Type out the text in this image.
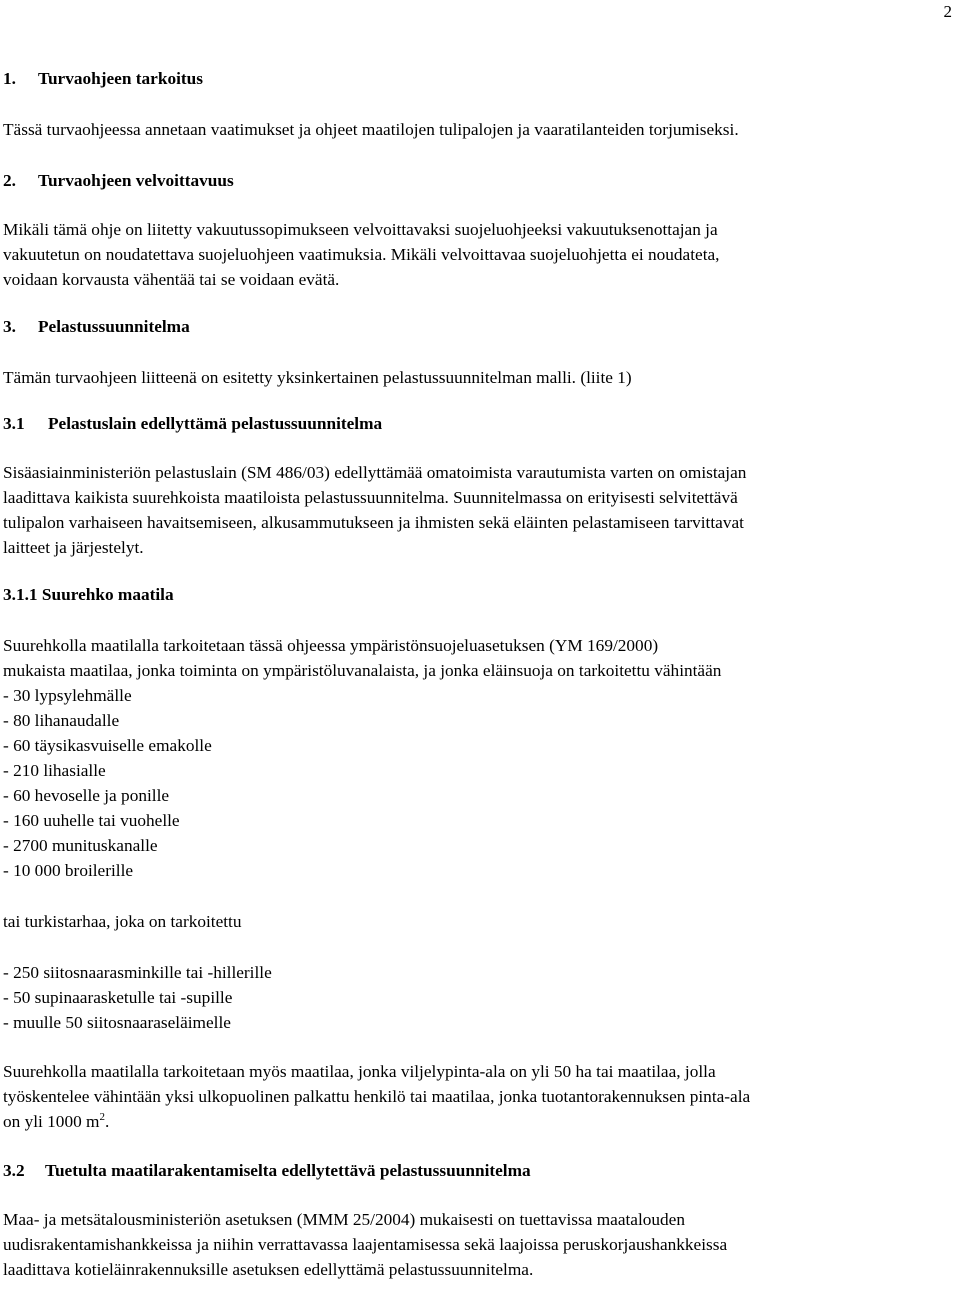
2

1. Turvaohjeen tarkoitus

Tässä turvaohjeessa annetaan vaatimukset ja ohjeet maatilojen tulipalojen ja vaaratilanteiden torjumiseksi.

2. Turvaohjeen velvoittavuus

Mikäli tämä ohje on liitetty vakuutussopimukseen velvoittavaksi suojeluohjeeksi vakuutuksenottajan ja

vakuutetun on noudatettava suojeluohjeen vaatimuksia. Mikäli velvoittavaa suojeluohjetta ei noudateta,

voidaan korvausta vähentää tai se voidaan evätä.

3. Pelastussuunnitelma

Tämän turvaohjeen liitteenä on esitetty yksinkertainen pelastussuunnitelman malli. (liite 1)

3.1 Pelastuslain edellyttämä pelastussuunnitelma

Sisäasiainministeriön pelastuslain (SM 486/03) edellyttämää omatoimista varautumista varten on omistajan

laadittava kaikista suurehkoista maatiloista pelastussuunnitelma. Suunnitelmassa on erityisesti selvitettävä

tulipalon varhaiseen havaitsemiseen, alkusammutukseen ja ihmisten sekä eläinten pelastamiseen tarvittavat

laitteet ja järjestelyt.

3.1.1 Suurehko maatila

Suurehkolla maatilalla tarkoitetaan tässä ohjeessa ympäristönsuojeluasetuksen (YM 169/2000)

mukaista maatilaa, jonka toiminta on ympäristöluvanalaista, ja jonka eläinsuoja on tarkoitettu vähintään

- 30 lypsylehmälle
- 80 lihanaudalle
- 60 täysikasvuiselle emakolle
- 210 lihasialle
- 60 hevoselle ja ponille
- 160 uuhelle tai vuohelle
- 2700 munituskanalle
- 10 000 broilerille

tai turkistarhaa, joka on tarkoitettu

- 250 siitosnaarasminkille tai -hillerille
- 50 supinaarasketulle tai -supille
- muulle 50 siitosnaaraseläimelle

Suurehkolla maatilalla tarkoitetaan myös maatilaa, jonka viljelypinta-ala on yli 50 ha tai maatilaa, jolla

työskentelee vähintään yksi ulkopuolinen palkattu henkilö tai maatilaa, jonka tuotantorakennuksen pinta-ala

on yli 1000 $m^2$.

3.2 Tuetulta maatilarakentamiselta edellytettävä pelastussuunnitelma

Maa- ja metsätalousministeriön asetuksen (MMM 25/2004) mukaisesti on tuettavissa maatalouden

uudisrakentamishankkeissa ja niihin verrattavassa laajentamisessa sekä laajoissa peruskorjaushankkeissa

laadittava kotieläinrakennuksille asetuksen edellyttämä pelastussuunnitelma.
